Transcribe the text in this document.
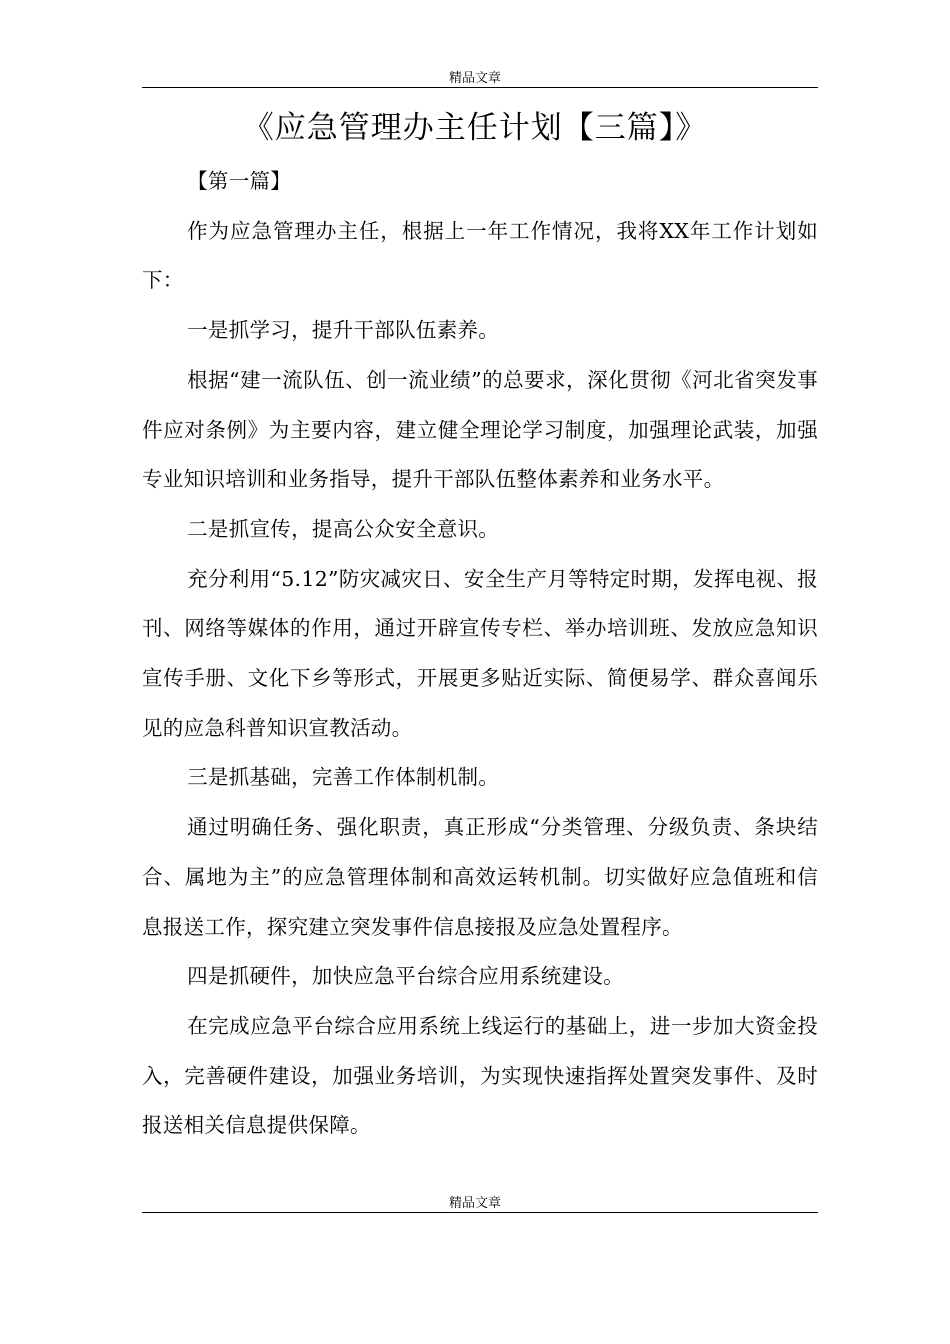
精品文章
《应急管理办主任计划【三篇】》

【第一篇】

作为应急管理办主任，根据上一年工作情况，我将XX年工作计划如下：

一是抓学习，提升干部队伍素养。

根据“建一流队伍、创一流业绩”的总要求，深化贯彻《河北省突发事件应对条例》为主要内容，建立健全理论学习制度，加强理论武装，加强专业知识培训和业务指导，提升干部队伍整体素养和业务水平。

二是抓宣传，提高公众安全意识。

充分利用“5.12”防灾减灾日、安全生产月等特定时期，发挥电视、报刊、网络等媒体的作用，通过开辟宣传专栏、举办培训班、发放应急知识宣传手册、文化下乡等形式，开展更多贴近实际、简便易学、群众喜闻乐见的应急科普知识宣教活动。

三是抓基础，完善工作体制机制。

通过明确任务、强化职责，真正形成“分类管理、分级负责、条块结合、属地为主”的应急管理体制和高效运转机制。切实做好应急值班和信息报送工作，探究建立突发事件信息接报及应急处置程序。

四是抓硬件，加快应急平台综合应用系统建设。

在完成应急平台综合应用系统上线运行的基础上，进一步加大资金投入，完善硬件建设，加强业务培训，为实现快速指挥处置突发事件、及时报送相关信息提供保障。

精品文章
